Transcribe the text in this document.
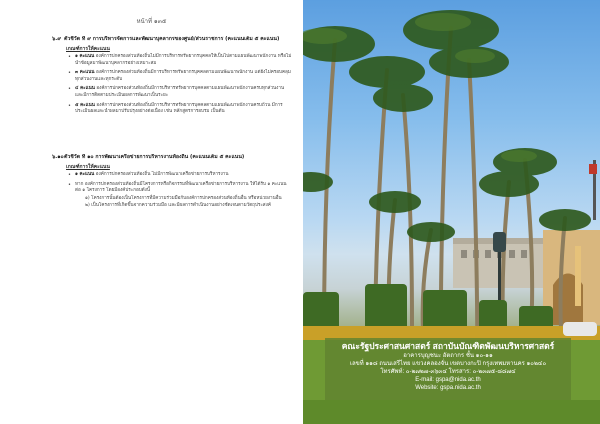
หน้าที่ ๑๓๕
๖.๙ ตัวชี้วัด ที่ ๙ การบริหารจัดการและพัฒนาบุคลากรของศูนย์/ส่วนราชการ (คะแนนเต็ม ๕ คะแนน)
เกณฑ์การให้คะแนน
• ๑ คะแนน องค์การปกครองส่วนท้องถิ่นไม่มีการบริหารทรัพยากรบุคคลให้เป็นไปตามแผนพัฒนาพนักงาน หรือไม่นำข้อมูลมาพัฒนาบุคลากรอย่างเหมาะสม
• ๓ คะแนน องค์การปกครองส่วนท้องถิ่นมีการบริหารทรัพยากรบุคคลตามแผนพัฒนาพนักงาน แต่ยังไม่ครอบคลุมทุกส่วนงานและทุกระดับ
• ๔ คะแนน องค์การปกครองส่วนท้องถิ่นมีการบริหารทรัพยากรบุคคลตามแผนพัฒนาพนักงานครบทุกส่วนงาน และมีการติดตามประเมินผลการพัฒนาเป็นระยะ
• ๕ คะแนน องค์การปกครองส่วนท้องถิ่นมีการบริหารทรัพยากรบุคคลตามแผนพัฒนาพนักงานครบถ้วน มีการประเมินผลและนำผลมาปรับปรุงอย่างต่อเนื่อง เช่น หลักสูตรการอบรม เป็นต้น
๖.๑๐ตัวชี้วัด ที่ ๑๐ การพัฒนาเครือข่ายการบริหารงานท้องถิ่น (คะแนนเต็ม ๕ คะแนน)
เกณฑ์การให้คะแนน
• ๑ คะแนน องค์การปกครองส่วนท้องถิ่น ไม่มีการพัฒนาเครือข่ายการบริหารงาน
• หาก องค์การปกครองส่วนท้องถิ่นมีโครงการหรือกิจกรรมที่พัฒนาเครือข่ายการบริหารงาน ให้ได้รับ ๑ คะแนนต่อ ๑ โครงการ โดยมีองค์ประกอบดังนี้
๑) โครงการนั้นต้องเป็นโครงการที่มีความร่วมมือกับองค์การปกครองส่วนท้องถิ่นอื่น หรือหน่วยงานอื่น
๒) เป็นโครงการที่เกิดขึ้นจากความร่วมมือ และมีผลการดำเนินงานอย่างชัดเจนตามวัตถุประสงค์
คณะรัฐประศาสนศาสตร์ สถาบันบัณฑิตพัฒนบริหารศาสตร์
อาคารบุญชนะ อัตถากร ชั้น ๑๐-๑๑
เลขที่ ๑๑๘ ถนนเสรีไทย แขวงคลองจั่น เขตบางกะปิ กรุงเทพมหานคร ๑๐๒๔๐
โทรศัพท์: ๐-๒๗๒๗-๓๖๓๔ โทรสาร: ๐-๒๓๗๕-๘๘๗๔
E-mail: gspa@nida.ac.th
Website: gspa.nida.ac.th
